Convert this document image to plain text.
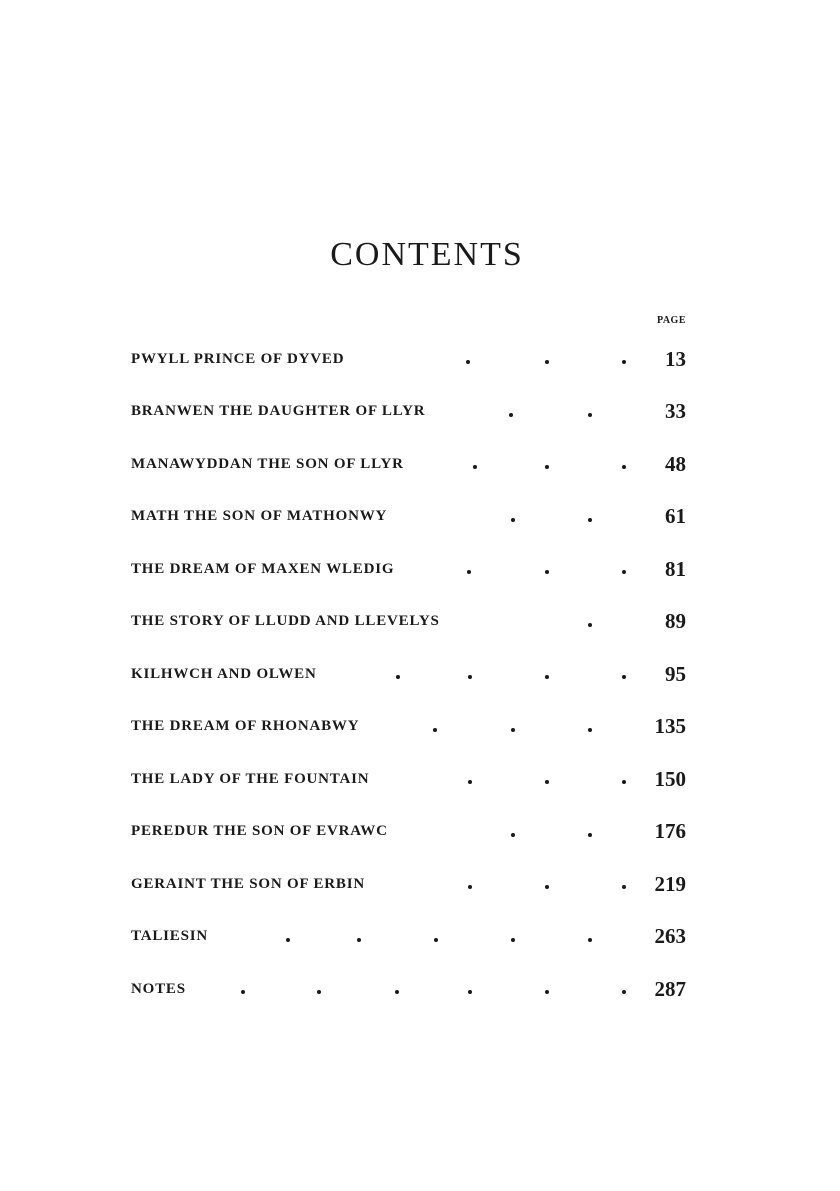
CONTENTS
PAGE
PWYLL PRINCE OF DYVED	13
BRANWEN THE DAUGHTER OF LLYR	33
MANAWYDDAN THE SON OF LLYR	48
MATH THE SON OF MATHONWY	61
THE DREAM OF MAXEN WLEDIG	81
THE STORY OF LLUDD AND LLEVELYS	89
KILHWCH AND OLWEN	95
THE DREAM OF RHONABWY	135
THE LADY OF THE FOUNTAIN	150
PEREDUR THE SON OF EVRAWC	176
GERAINT THE SON OF ERBIN	219
TALIESIN	263
NOTES	287
